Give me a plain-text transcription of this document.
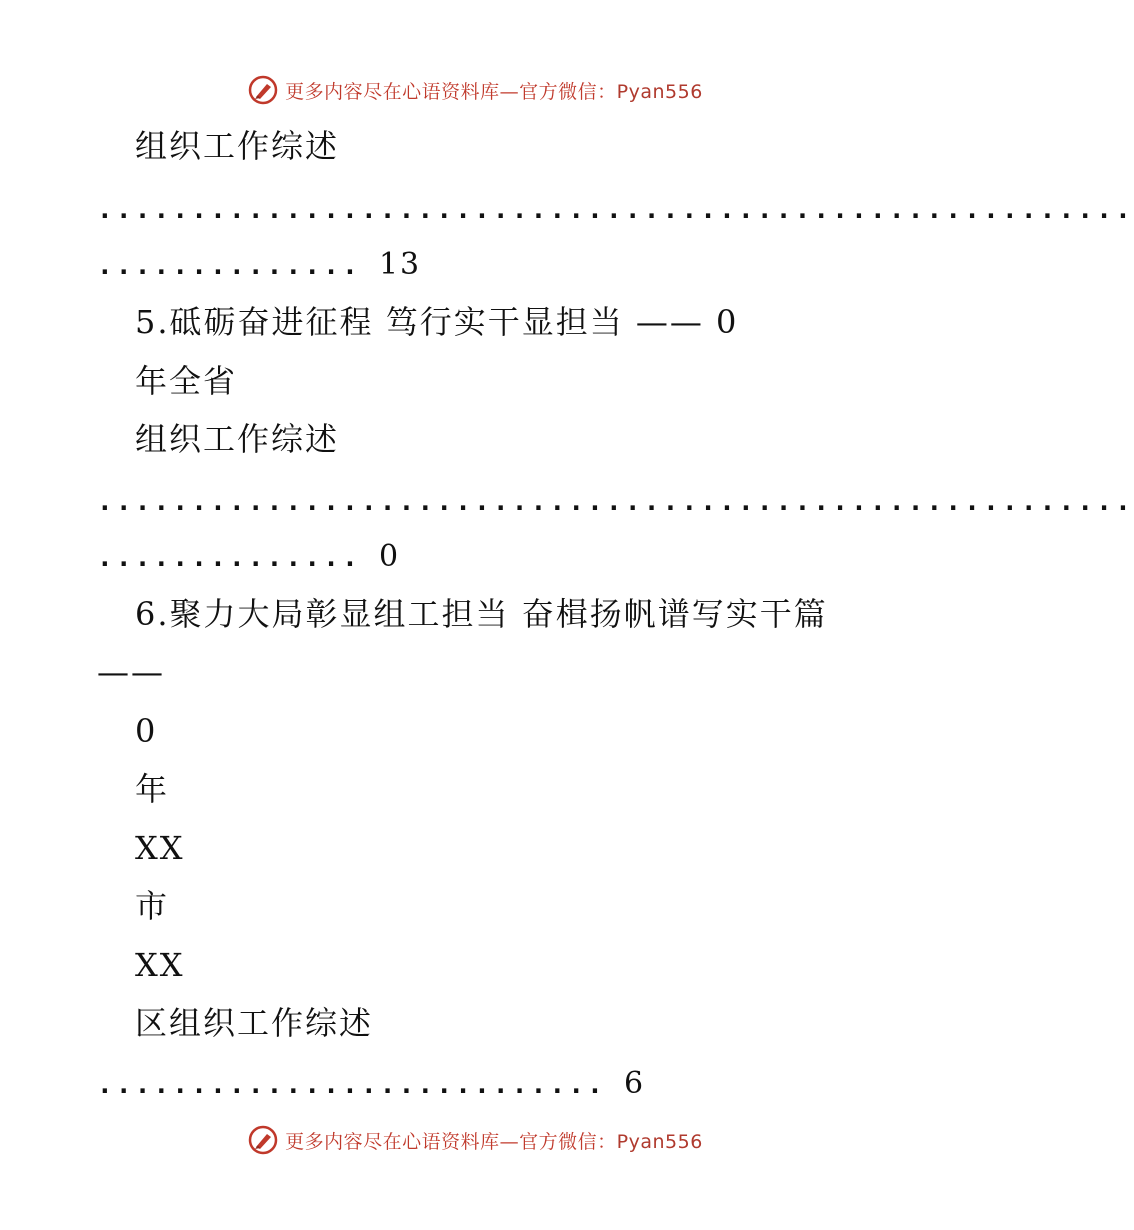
更多内容尽在心语资料库—官方微信：Pyan556
组织工作综述
.......................................................
.............. 13
5.砥砺奋进征程 笃行实干显担当 —— 0
年全省
组织工作综述
.......................................................
.............. 0
6.聚力大局彰显组工担当 奋楫扬帆谱写实干篇
——
0
年
XX
市
XX
区组织工作综述
........................... 6
更多内容尽在心语资料库—官方微信：Pyan556
